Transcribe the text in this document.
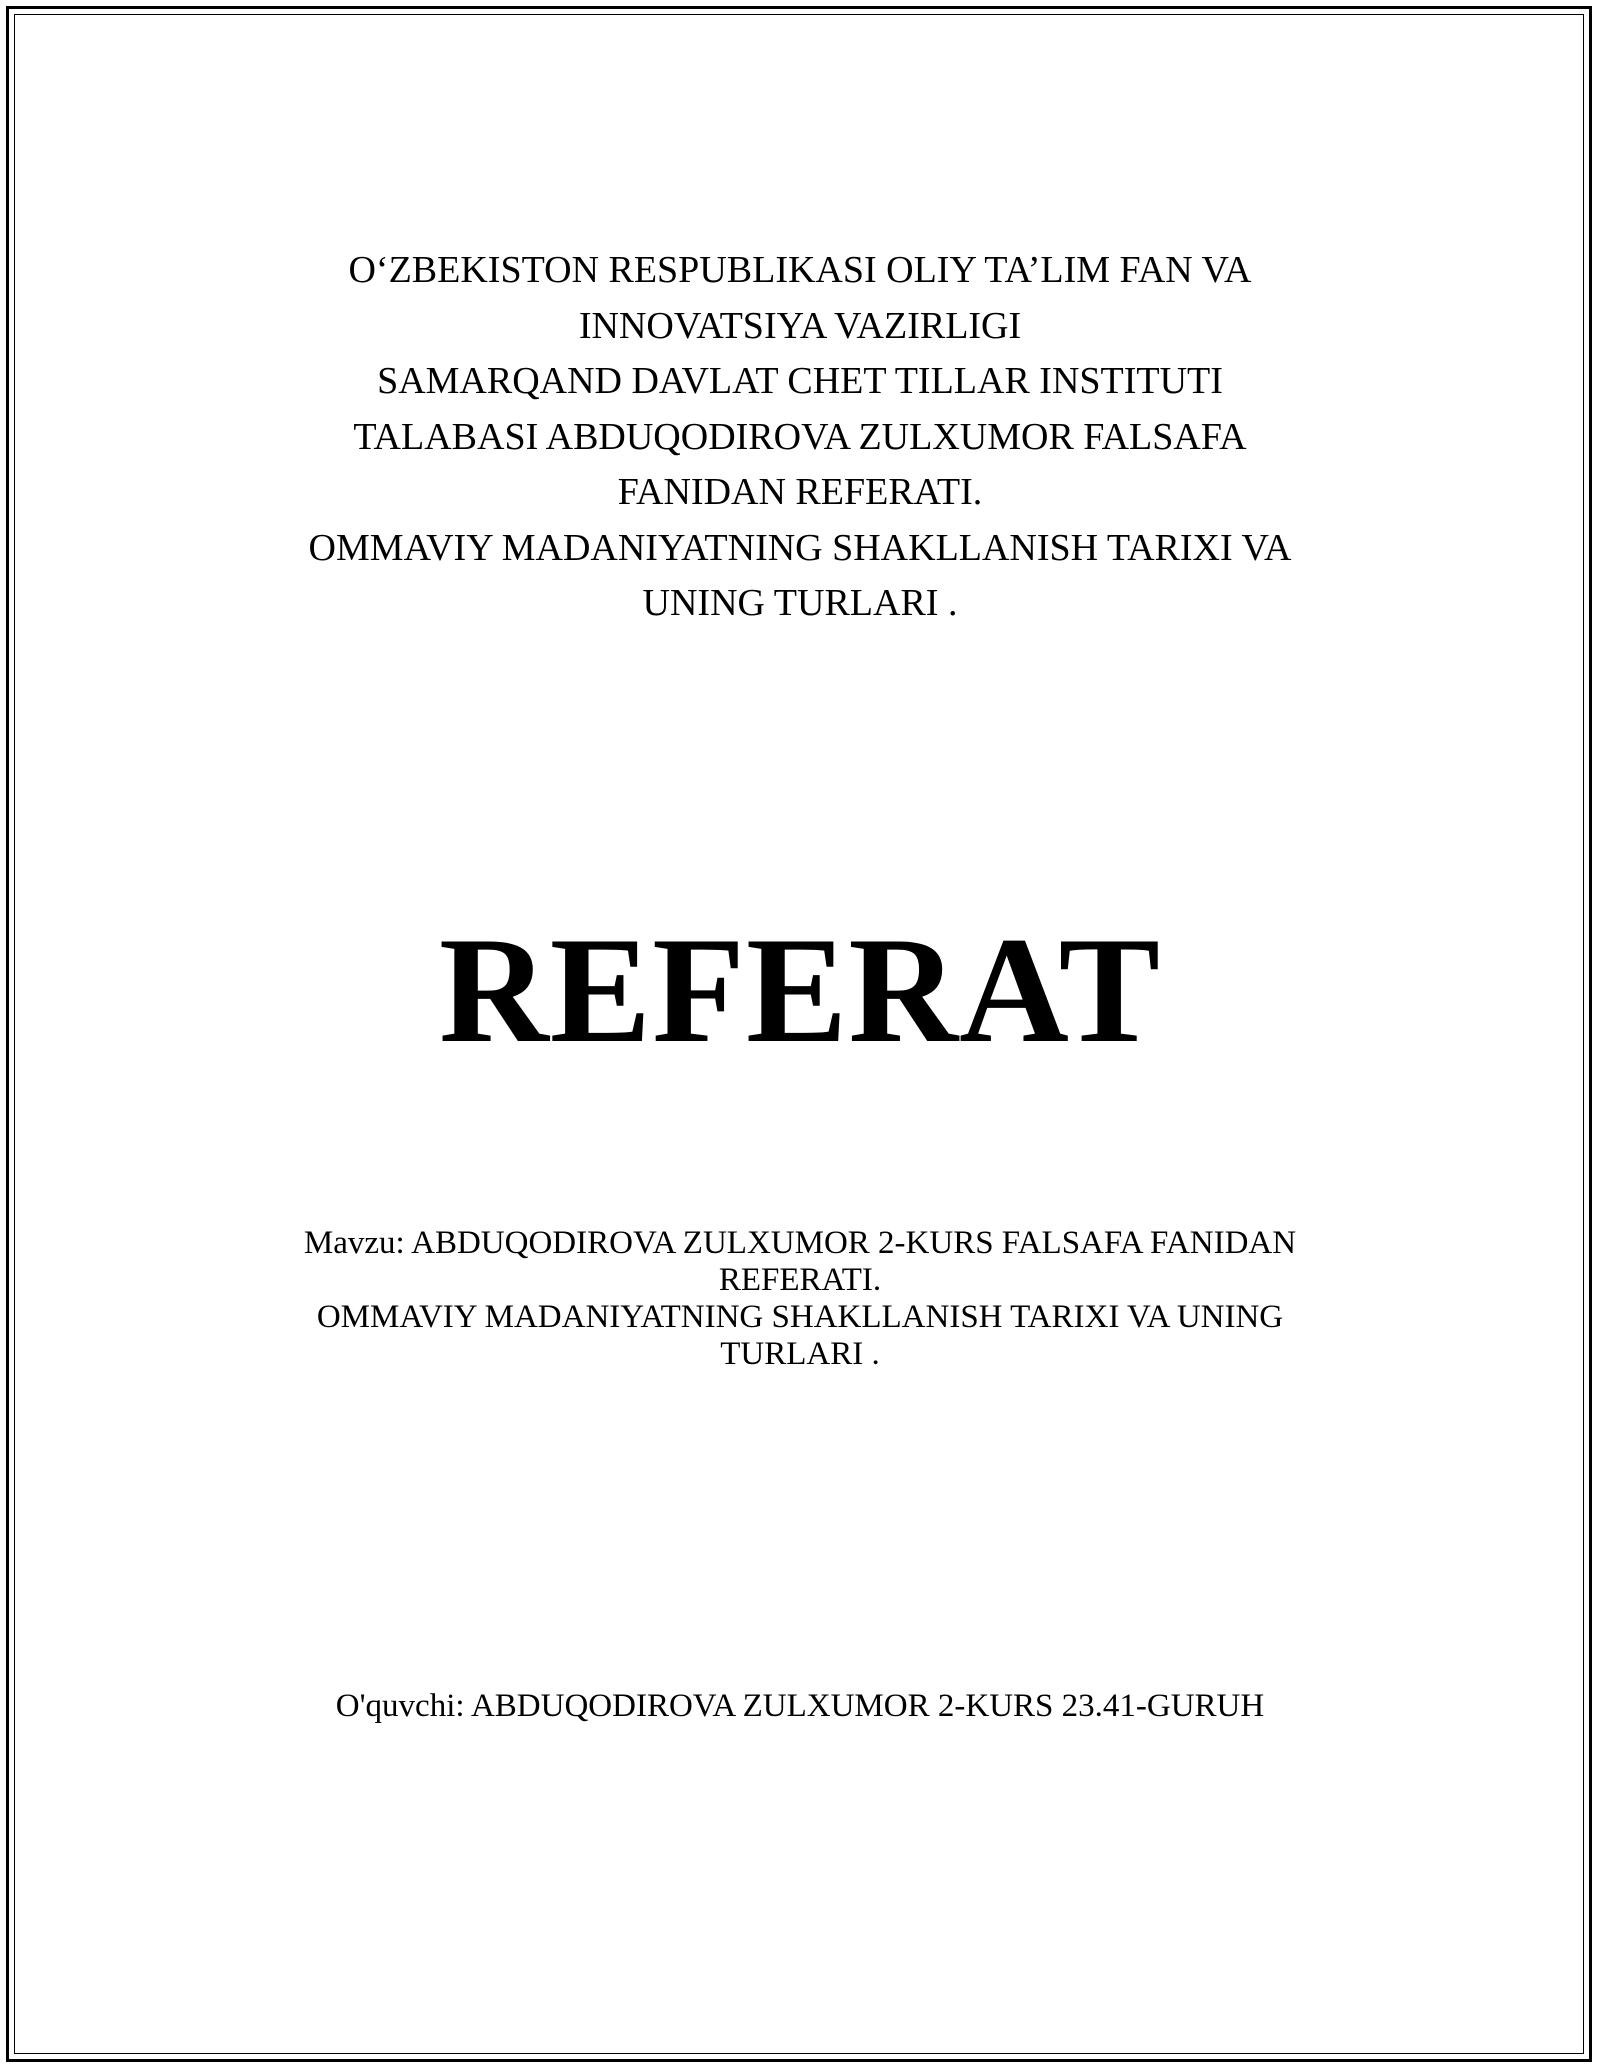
O‘ZBEKISTON RESPUBLIKASI OLIY TA’LIM FAN VA
INNOVATSIYA VAZIRLIGI
SAMARQAND DAVLAT CHET TILLAR INSTITUTI
TALABASI ABDUQODIROVA ZULXUMOR FALSAFA
FANIDAN REFERATI.
OMMAVIY MADANIYATNING SHAKLLANISH TARIXI VA
UNING TURLARI .
REFERAT
Mavzu: ABDUQODIROVA ZULXUMOR 2-KURS FALSAFA FANIDAN
REFERATI.
OMMAVIY MADANIYATNING SHAKLLANISH TARIXI VA UNING
TURLARI .
O'quvchi: ABDUQODIROVA ZULXUMOR 2-KURS 23.41-GURUH
